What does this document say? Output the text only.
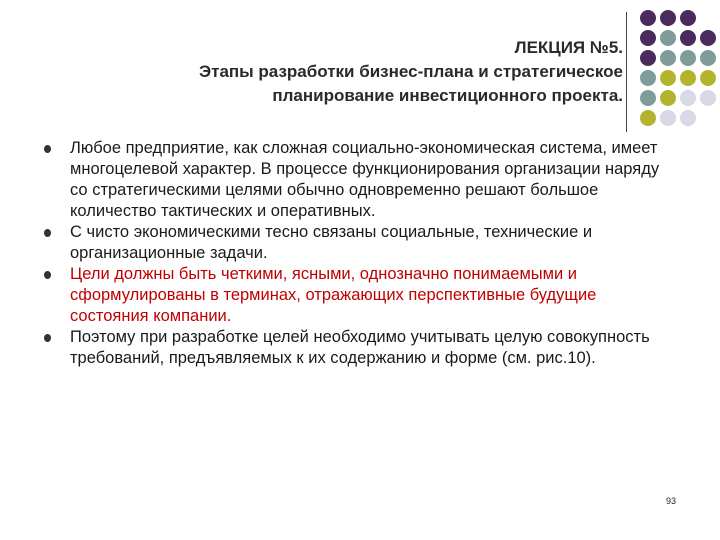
ЛЕКЦИЯ №5.
Этапы разработки бизнес-плана и стратегическое
планирование инвестиционного проекта.
Любое предприятие, как сложная социально-экономическая система, имеет многоцелевой характер. В процессе функционирования организации наряду со стратегическими целями обычно одновременно решают большое количество тактических и оперативных.
С чисто экономическими тесно связаны социальные, технические и организационные задачи.
Цели должны быть четкими, ясными, однозначно понимаемыми и сформулированы в терминах, отражающих перспективные будущие состояния компании.
Поэтому при разработке целей необходимо учитывать целую совокупность требований, предъявляемых к их содержанию и форме (см. рис.10).
93
